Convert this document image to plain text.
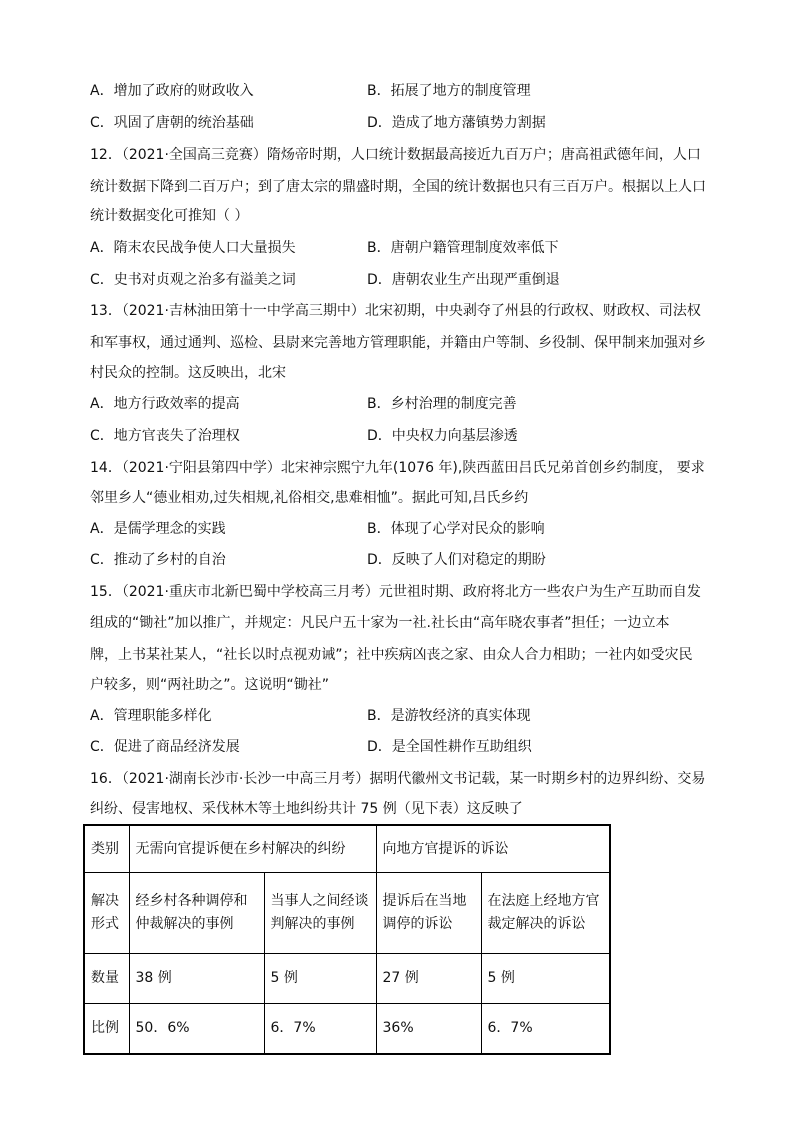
A．增加了政府的财政收入	B．拓展了地方的制度管理
C．巩固了唐朝的统治基础	D．造成了地方藩镇势力割据
12．（2021·全国高三竞赛）隋炀帝时期，人口统计数据最高接近九百万户；唐高祖武德年间，人口
统计数据下降到二百万户；到了唐太宗的鼎盛时期，全国的统计数据也只有三百万户。根据以上人口
统计数据变化可推知（ ）
A．隋末农民战争使人口大量损失	B．唐朝户籍管理制度效率低下
C．史书对贞观之治多有溢美之词	D．唐朝农业生产出现严重倒退
13．（2021·吉林油田第十一中学高三期中）北宋初期，中央剥夺了州县的行政权、财政权、司法权
和军事权，通过通判、巡检、县尉来完善地方管理职能，并籍由户等制、乡役制、保甲制来加强对乡
村民众的控制。这反映出，北宋
A．地方行政效率的提高	B．乡村治理的制度完善
C．地方官丧失了治理权	D．中央权力向基层渗透
14．（2021·宁阳县第四中学）北宋神宗熙宁九年(1076 年),陕西蓝田吕氏兄弟首创乡约制度， 要求
邻里乡人“德业相劝,过失相规,礼俗相交,患难相恤”。据此可知,吕氏乡约
A．是儒学理念的实践	B．体现了心学对民众的影响
C．推动了乡村的自治	D．反映了人们对稳定的期盼
15．（2021·重庆市北新巴蜀中学校高三月考）元世祖时期、政府将北方一些农户为生产互助而自发
组成的“锄社”加以推广，并规定：凡民户五十家为一社.社长由“高年晓农事者”担任；一边立本
牌，上书某社某人，“社长以时点视劝诫”；社中疾病凶丧之家、由众人合力相助；一社内如受灾民
户较多，则“两社助之”。这说明“锄社”
A．管理职能多样化	B．是游牧经济的真实体现
C．促进了商品经济发展	D．是全国性耕作互助组织
16．（2021·湖南长沙市·长沙一中高三月考）据明代徽州文书记载，某一时期乡村的边界纠纷、交易
纠纷、侵害地权、采伐林木等土地纠纷共计 75 例（见下表）这反映了
类别	无需向官提诉便在乡村解决的纠纷		向地方官提诉的诉讼	
解决形式	经乡村各种调停和仲裁解决的事例	当事人之间经谈判解决的事例	提诉后在当地调停的诉讼	在法庭上经地方官裁定解决的诉讼
数量	38 例	5 例	27 例	5 例
比例	50．6%	6．7%	36%	6．7%
